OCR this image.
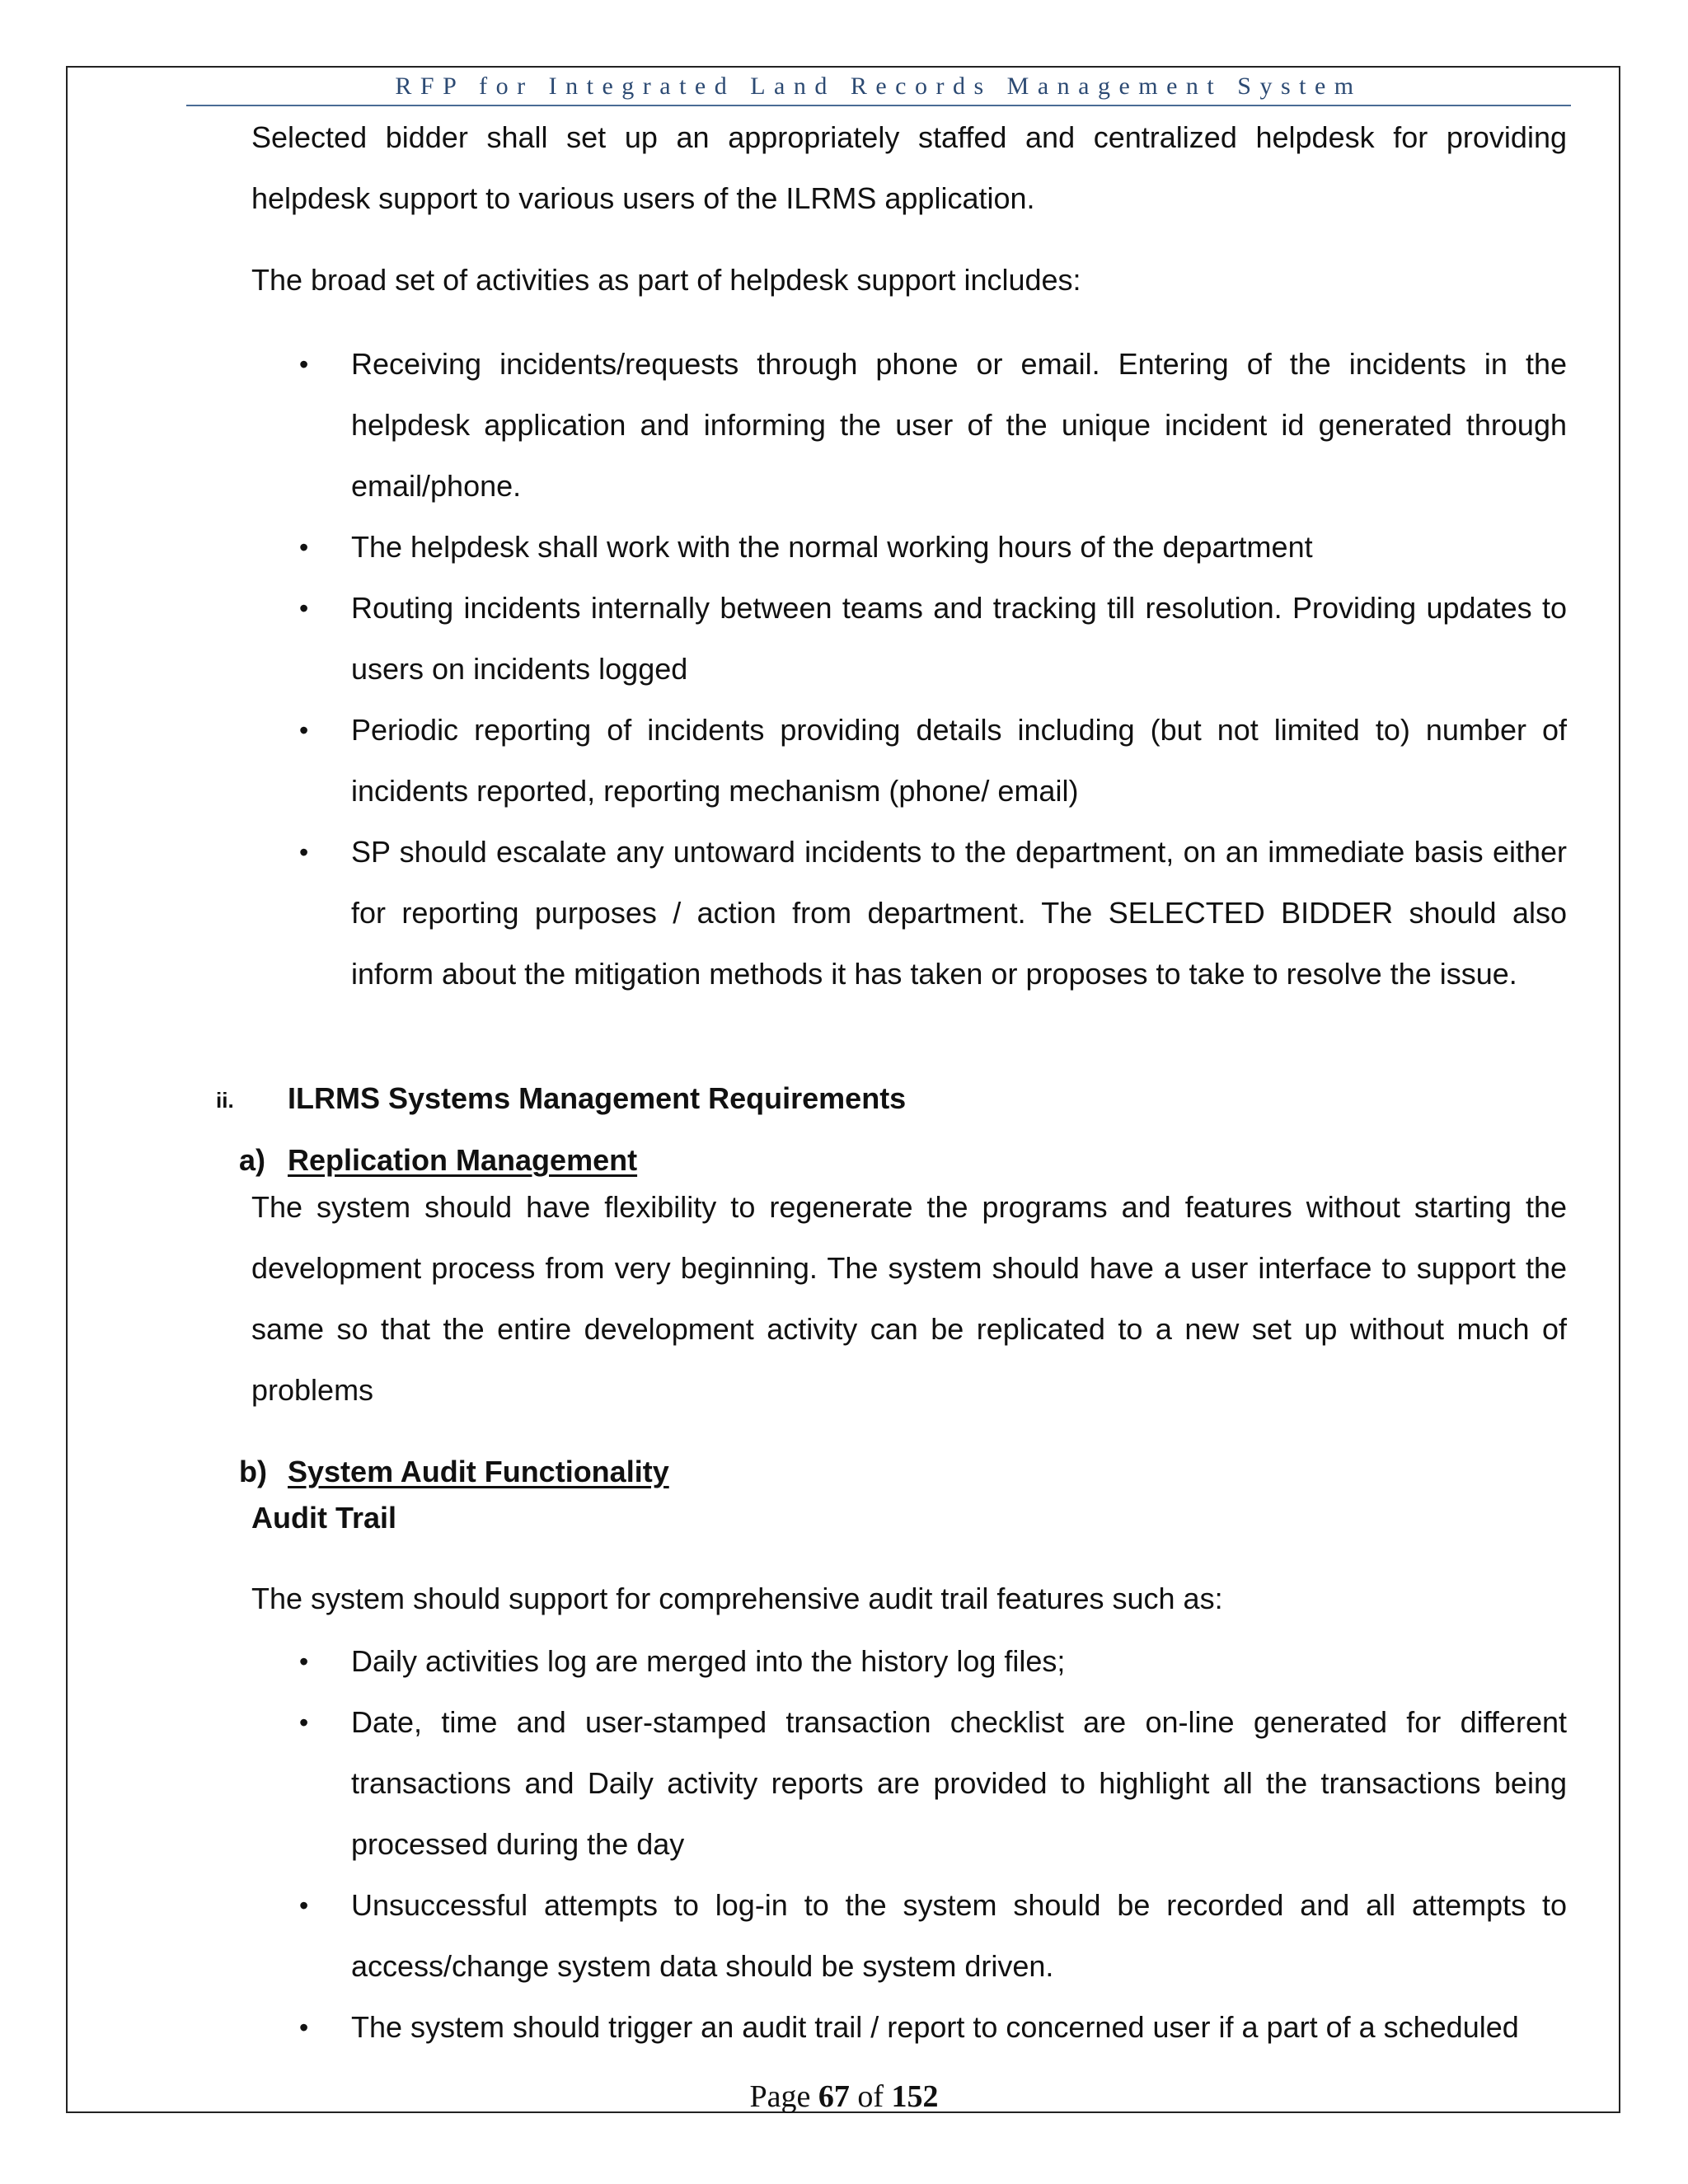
RFP for Integrated Land Records Management System

Selected bidder shall set up an appropriately staffed and centralized helpdesk for providing helpdesk support to various users of the ILRMS application.

The broad set of activities as part of helpdesk support includes:

• Receiving incidents/requests through phone or email. Entering of the incidents in the helpdesk application and informing the user of the unique incident id generated through email/phone.
• The helpdesk shall work with the normal working hours of the department
• Routing incidents internally between teams and tracking till resolution. Providing updates to users on incidents logged
• Periodic reporting of incidents providing details including (but not limited to) number of incidents reported, reporting mechanism (phone/ email)
• SP should escalate any untoward incidents to the department, on an immediate basis either for reporting purposes / action from department. The SELECTED BIDDER should also inform about the mitigation methods it has taken or proposes to take to resolve the issue.
ii. ILRMS Systems Management Requirements
a) Replication Management

The system should have flexibility to regenerate the programs and features without starting the development process from very beginning. The system should have a user interface to support the same so that the entire development activity can be replicated to a new set up without much of problems

b) System Audit Functionality
Audit Trail

The system should support for comprehensive audit trail features such as:

• Daily activities log are merged into the history log files;
• Date, time and user-stamped transaction checklist are on-line generated for different transactions and Daily activity reports are provided to highlight all the transactions being processed during the day
• Unsuccessful attempts to log-in to the system should be recorded and all attempts to access/change system data should be system driven.
• The system should trigger an audit trail / report to concerned user if a part of a scheduled
Page 67 of 152
